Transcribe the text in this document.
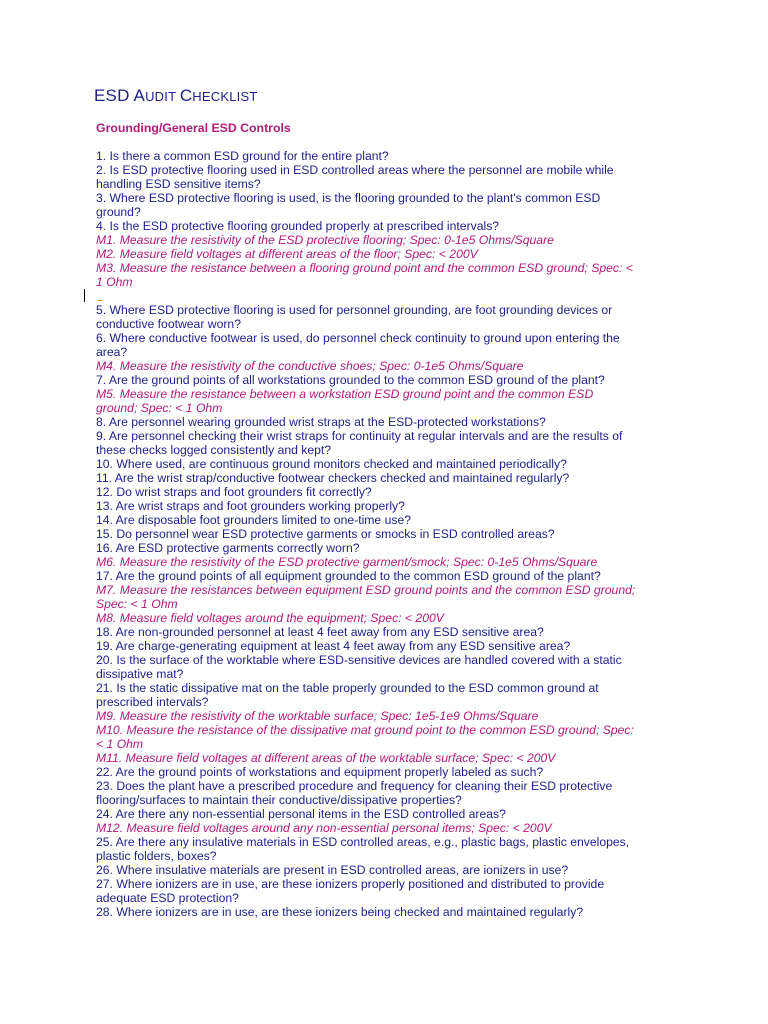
ESD AUDIT CHECKLIST
Grounding/General ESD Controls
1. Is there a common ESD ground for the entire plant?
2. Is ESD protective flooring used in ESD controlled areas where the personnel are mobile while
handling ESD sensitive items?
3. Where ESD protective flooring is used, is the flooring grounded to the plant's common ESD
ground?
4. Is the ESD protective flooring grounded properly at prescribed intervals?
M1. Measure the resistivity of the ESD protective flooring; Spec: 0-1e5 Ohms/Square
M2. Measure field voltages at different areas of the floor; Spec: < 200V
M3. Measure the resistance between a flooring ground point and the common ESD ground; Spec: <
1 Ohm
5. Where ESD protective flooring is used for personnel grounding, are foot grounding devices or
conductive footwear worn?
6. Where conductive footwear is used, do personnel check continuity to ground upon entering the
area?
M4. Measure the resistivity of the conductive shoes; Spec: 0-1e5 Ohms/Square
7. Are the ground points of all workstations grounded to the common ESD ground of the plant?
M5. Measure the resistance between a workstation ESD ground point and the common ESD
ground; Spec: < 1 Ohm
8. Are personnel wearing grounded wrist straps at the ESD-protected workstations?
9. Are personnel checking their wrist straps for continuity at regular intervals and are the results of
these checks logged consistently and kept?
10. Where used, are continuous ground monitors checked and maintained periodically?
11. Are the wrist strap/conductive footwear checkers checked and maintained regularly?
12. Do wrist straps and foot grounders fit correctly?
13. Are wrist straps and foot grounders working properly?
14. Are disposable foot grounders limited to one-time use?
15. Do personnel wear ESD protective garments or smocks in ESD controlled areas?
16. Are ESD protective garments correctly worn?
M6. Measure the resistivity of the ESD protective garment/smock; Spec: 0-1e5 Ohms/Square
17. Are the ground points of all equipment grounded to the common ESD ground of the plant?
M7. Measure the resistances between equipment ESD ground points and the common ESD ground;
Spec: < 1 Ohm
M8. Measure field voltages around the equipment; Spec: < 200V
18. Are non-grounded personnel at least 4 feet away from any ESD sensitive area?
19. Are charge-generating equipment at least 4 feet away from any ESD sensitive area?
20. Is the surface of the worktable where ESD-sensitive devices are handled covered with a static
dissipative mat?
21. Is the static dissipative mat on the table properly grounded to the ESD common ground at
prescribed intervals?
M9. Measure the resistivity of the worktable surface; Spec: 1e5-1e9 Ohms/Square
M10. Measure the resistance of the dissipative mat ground point to the common ESD ground; Spec:
< 1 Ohm
M11. Measure field voltages at different areas of the worktable surface; Spec: < 200V
22. Are the ground points of workstations and equipment properly labeled as such?
23. Does the plant have a prescribed procedure and frequency for cleaning their ESD protective
flooring/surfaces to maintain their conductive/dissipative properties?
24. Are there any non-essential personal items in the ESD controlled areas?
M12. Measure field voltages around any non-essential personal items; Spec: < 200V
25. Are there any insulative materials in ESD controlled areas, e.g., plastic bags, plastic envelopes,
plastic folders, boxes?
26. Where insulative materials are present in ESD controlled areas, are ionizers in use?
27. Where ionizers are in use, are these ionizers properly positioned and distributed to provide
adequate ESD protection?
28. Where ionizers are in use, are these ionizers being checked and maintained regularly?
